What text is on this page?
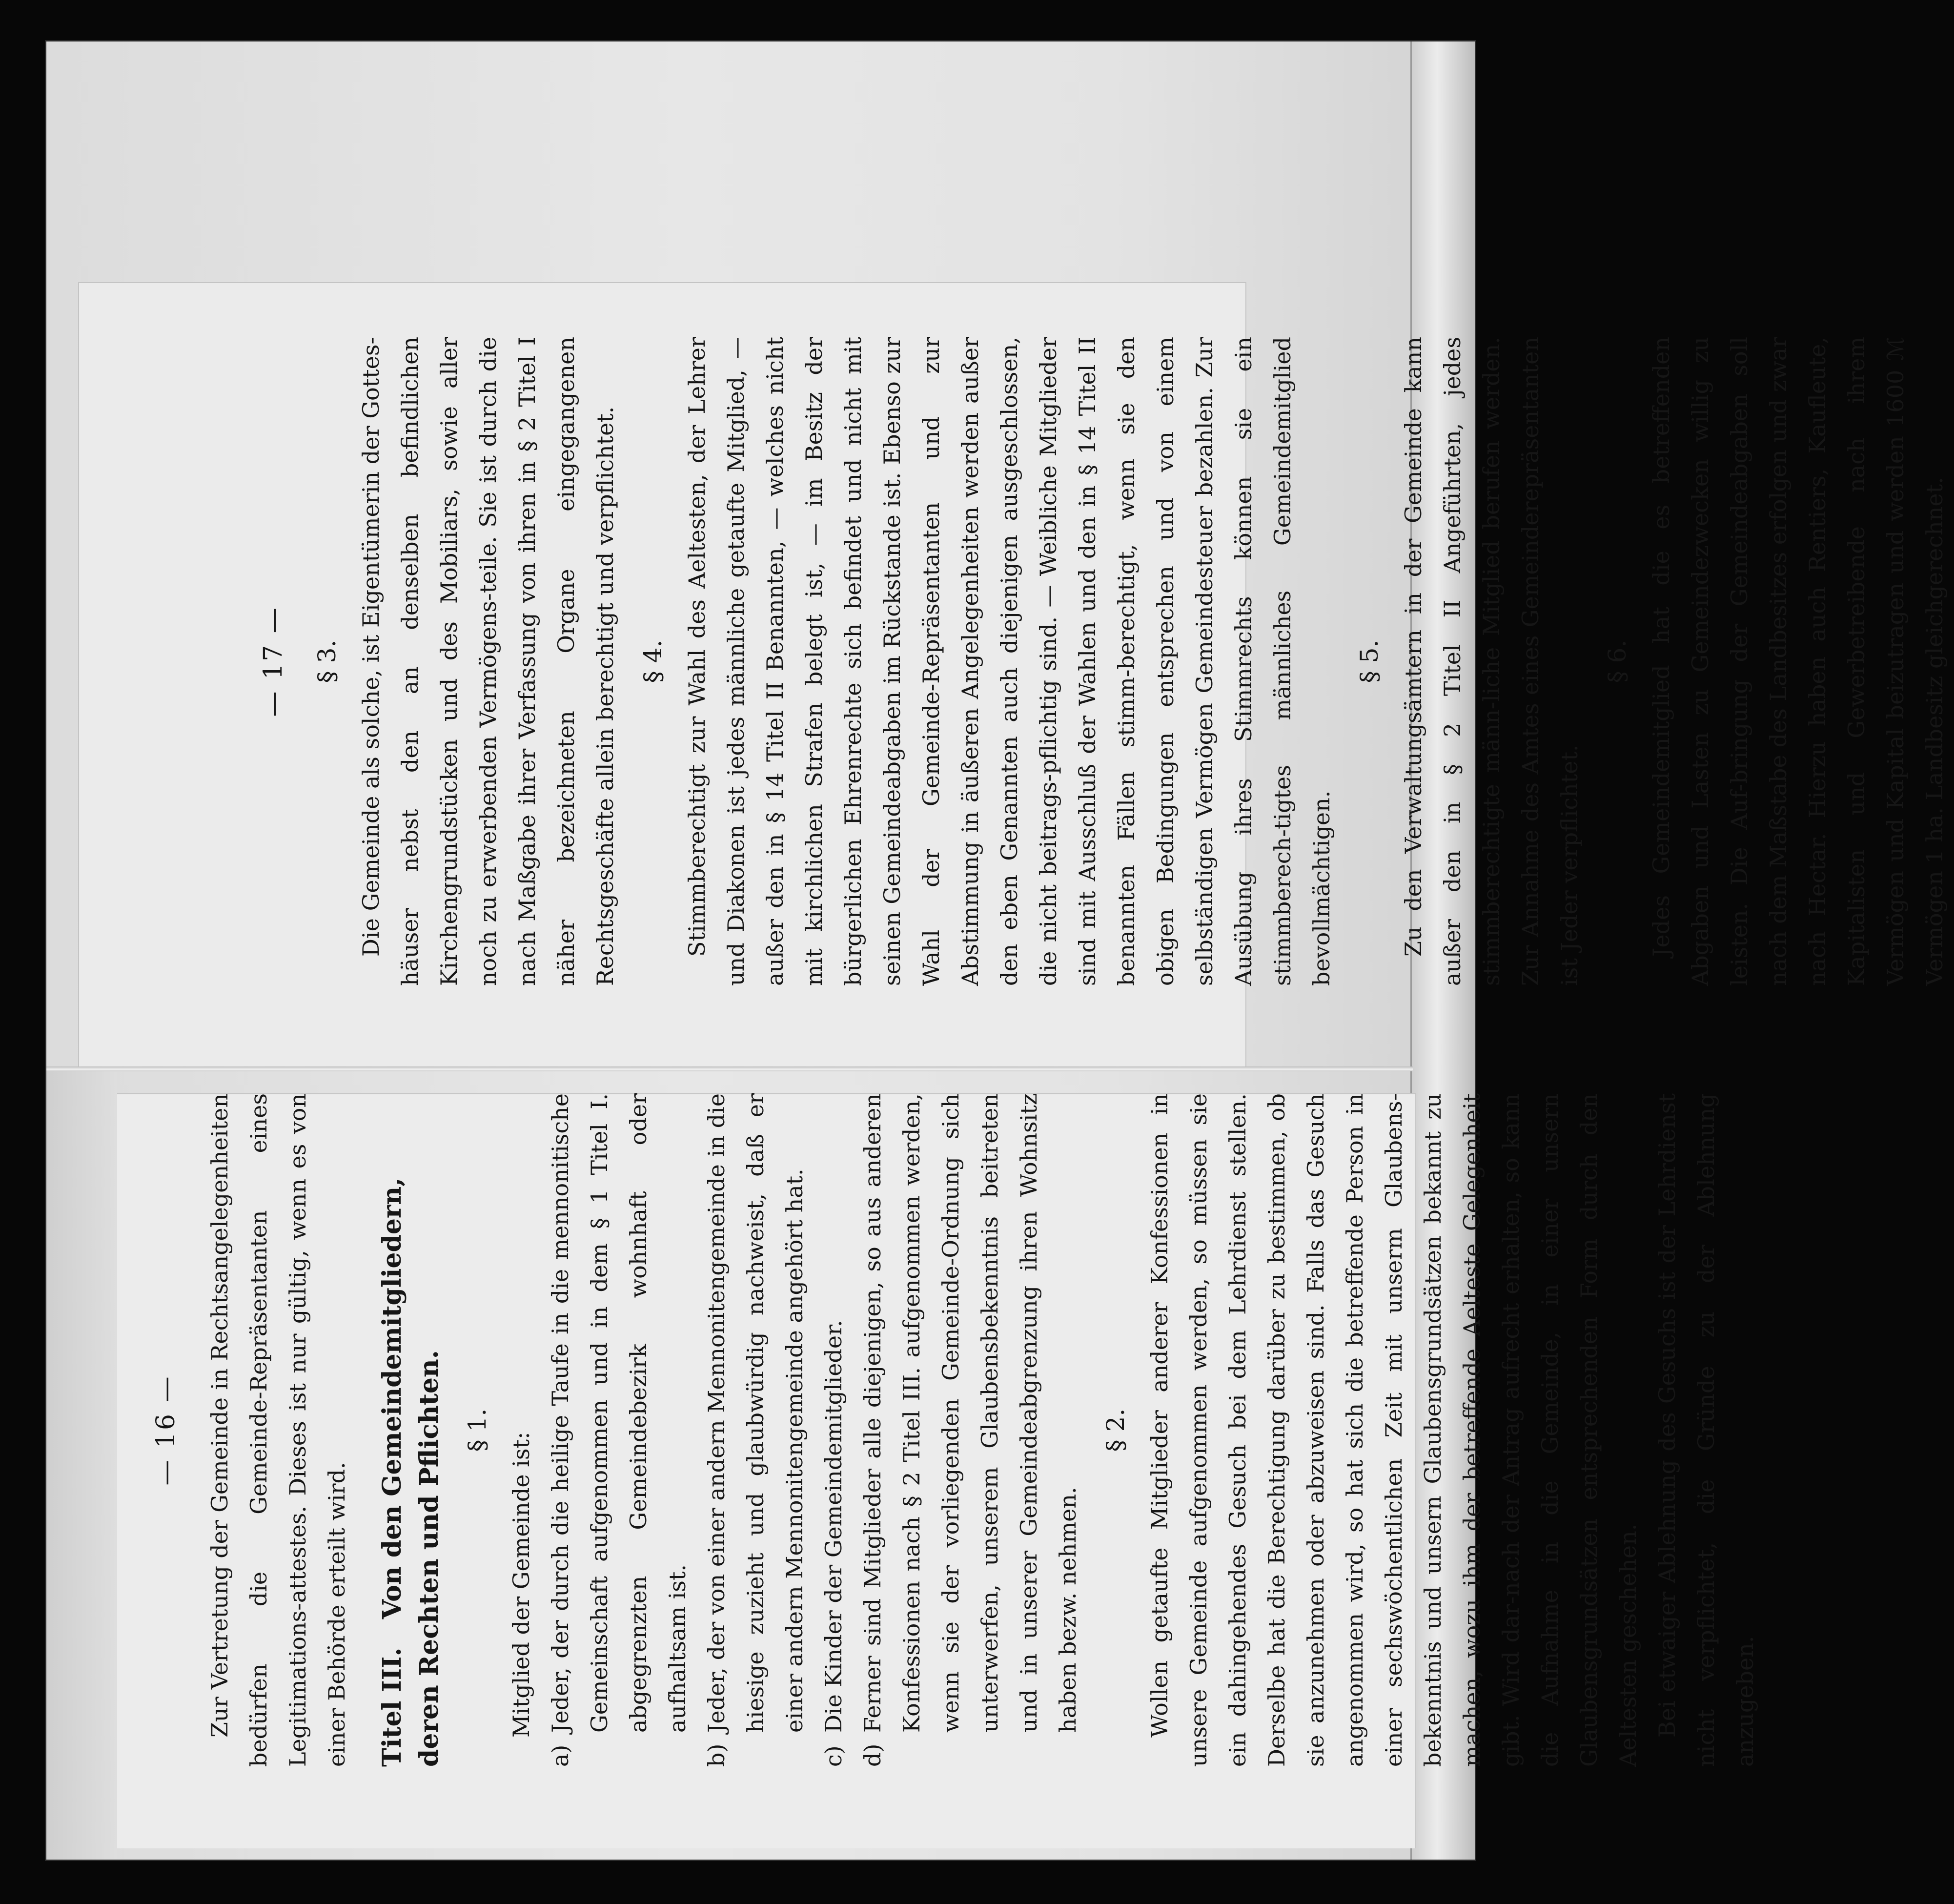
— 16 — Zur Vertretung der Gemeinde in Rechtsangelegenheiten bedürfen die Gemeinde-Repräsentanten eines Legitimations-attestes. Dieses ist nur gültig, wenn es von einer Behörde erteilt wird. Titel III. Von den Gemeindemitgliedern, deren Rechten und Pflichten. § 1.

Mitglied der Gemeinde ist:

a)
Jeder, der durch die heilige Taufe in die mennonitische Gemeinschaft aufgenommen und in dem § 1 Titel I. abgegrenzten Gemeindebezirk wohnhaft oder aufhaltsam ist.
b)
Jeder, der von einer andern Mennonitengemeinde in die hiesige zuzieht und glaubwürdig nachweist, daß er einer andern Mennonitengemeinde angehört hat.
c)
Die Kinder der Gemeindemitglieder.
d)
Ferner sind Mitglieder alle diejenigen, so aus anderen Konfessionen nach § 2 Titel III. aufgenommen werden, wenn sie der vorliegenden Gemeinde-Ordnung sich unterwerfen, unserem Glaubensbekenntnis beitreten und in unserer Gemeindeabgrenzung ihren Wohnsitz haben bezw. nehmen.
§ 2. Wollen getaufte Mitglieder anderer Konfessionen in unsere Gemeinde aufgenommen werden, so müssen sie ein dahingehendes Gesuch bei dem Lehrdienst stellen. Derselbe hat die Berechtigung darüber zu bestimmen, ob sie anzunehmen oder abzuweisen sind. Falls das Gesuch angenommen wird, so hat sich die betreffende Person in einer sechswöchentlichen Zeit mit unserm Glaubens-bekenntnis und unsern Glaubensgrundsätzen bekannt zu machen, wozu ihm der betreffende Aelteste Gelegenheit gibt. Wird dar-nach der Antrag aufrecht erhalten, so kann die Aufnahme in die Gemeinde, in einer unsern Glaubensgrundsätzen entsprechenden Form durch den Aeltesten geschehen. Bei etwaiger Ablehnung des Gesuchs ist der Lehrdienst nicht verpflichtet, die Gründe zu der Ablehnung anzugeben.

— 17 — § 3. Die Gemeinde als solche, ist Eigentümerin der Gottes-häuser nebst den an denselben befindlichen Kirchengrundstücken und des Mobiliars, sowie aller noch zu erwerbenden Vermögens-teile. Sie ist durch die nach Maßgabe ihrer Verfassung von ihren in § 2 Titel I näher bezeichneten Organe eingegangenen Rechtsgeschäfte allein berechtigt und verpflichtet. § 4. Stimmberechtigt zur Wahl des Aeltesten, der Lehrer und Diakonen ist jedes männliche getaufte Mitglied, — außer den in § 14 Titel II Benannten, — welches nicht mit kirchlichen Strafen belegt ist, — im Besitz der bürgerlichen Ehrenrechte sich befindet und nicht mit seinen Gemeindeabgaben im Rückstande ist. Ebenso zur Wahl der Gemeinde-Repräsentanten und zur Abstimmung in äußeren Angelegenheiten werden außer den eben Genannten auch diejenigen ausgeschlossen, die nicht beitrags-pflichtig sind. — Weibliche Mitglieder sind mit Ausschluß der Wahlen und den in § 14 Titel II benannten Fällen stimm-berechtigt, wenn sie den obigen Bedingungen entsprechen und von einem selbständigen Vermögen Gemeindesteuer bezahlen. Zur Ausübung ihres Stimmrechts können sie ein stimmberech-tigtes männliches Gemeindemitglied bevollmächtigen.

§ 5. Zu den Verwaltungsämtern in der Gemeinde kann außer den in § 2 Titel II Angeführten, jedes stimmberechtigte männ-liche Mitglied berufen werden. Zur Annahme des Amtes eines Gemeinderepräsentanten ist Jeder verpflichtet.

§ 6. Jedes Gemeindemitglied hat die es betreffenden Abgaben und Lasten zu Gemeindezwecken willig zu leisten. Die Auf-bringung der Gemeindeabgaben soll nach dem Maßstabe des Landbesitzes erfolgen und zwar nach Hectar. Hierzu haben auch Rentiers, Kaufleute, Kapitalisten und Gewerbetreibende nach ihrem Vermögen und Kapital beizutragen und werden 1600 ℳ Vermögen 1 ha. Landbesitz gleichgerechnet.
